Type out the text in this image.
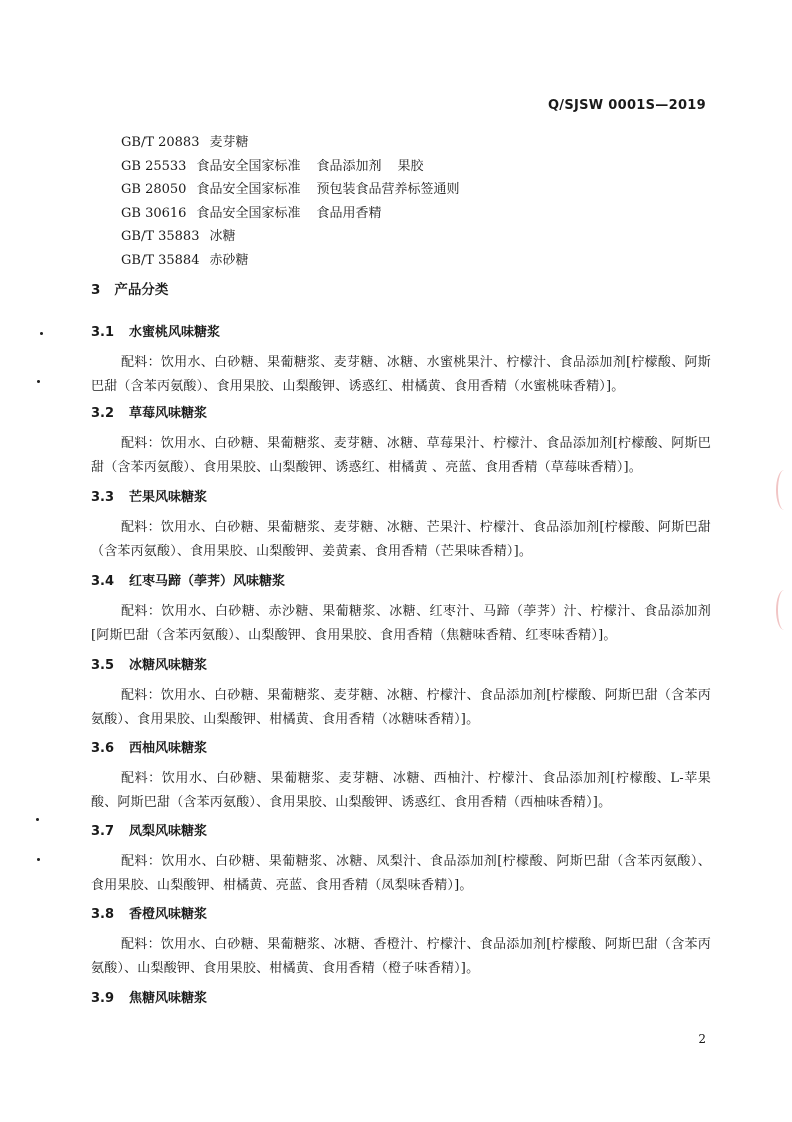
Q/SJSW 0001S—2019
GB/T 20883 麦芽糖
GB 25533 食品安全国家标准 食品添加剂 果胶
GB 28050 食品安全国家标准 预包装食品营养标签通则
GB 30616 食品安全国家标准 食品用香精
GB/T 35883 冰糖
GB/T 35884 赤砂糖
3 产品分类
3.1 水蜜桃风味糖浆
配料：饮用水、白砂糖、果葡糖浆、麦芽糖、冰糖、水蜜桃果汁、柠檬汁、食品添加剂[柠檬酸、阿斯巴甜（含苯丙氨酸）、食用果胶、山梨酸钾、诱惑红、柑橘黄、食用香精（水蜜桃味香精）]。
3.2 草莓风味糖浆
配料：饮用水、白砂糖、果葡糖浆、麦芽糖、冰糖、草莓果汁、柠檬汁、食品添加剂[柠檬酸、阿斯巴甜（含苯丙氨酸）、食用果胶、山梨酸钾、诱惑红、柑橘黄 、亮蓝、食用香精（草莓味香精）]。
3.3 芒果风味糖浆
配料：饮用水、白砂糖、果葡糖浆、麦芽糖、冰糖、芒果汁、柠檬汁、食品添加剂[柠檬酸、阿斯巴甜（含苯丙氨酸）、食用果胶、山梨酸钾、姜黄素、食用香精（芒果味香精）]。
3.4 红枣马蹄（荸荠）风味糖浆
配料：饮用水、白砂糖、赤沙糖、果葡糖浆、冰糖、红枣汁、马蹄（荸荠）汁、柠檬汁、食品添加剂[阿斯巴甜（含苯丙氨酸）、山梨酸钾、食用果胶、食用香精（焦糖味香精、红枣味香精）]。
3.5 冰糖风味糖浆
配料：饮用水、白砂糖、果葡糖浆、麦芽糖、冰糖、柠檬汁、食品添加剂[柠檬酸、阿斯巴甜（含苯丙氨酸）、食用果胶、山梨酸钾、柑橘黄、食用香精（冰糖味香精）]。
3.6 西柚风味糖浆
配料：饮用水、白砂糖、果葡糖浆、麦芽糖、冰糖、西柚汁、柠檬汁、食品添加剂[柠檬酸、L-苹果酸、阿斯巴甜（含苯丙氨酸）、食用果胶、山梨酸钾、诱惑红、食用香精（西柚味香精）]。
3.7 凤梨风味糖浆
配料：饮用水、白砂糖、果葡糖浆、冰糖、凤梨汁、食品添加剂[柠檬酸、阿斯巴甜（含苯丙氨酸）、食用果胶、山梨酸钾、柑橘黄、亮蓝、食用香精（凤梨味香精）]。
3.8 香橙风味糖浆
配料：饮用水、白砂糖、果葡糖浆、冰糖、香橙汁、柠檬汁、食品添加剂[柠檬酸、阿斯巴甜（含苯丙氨酸）、山梨酸钾、食用果胶、柑橘黄、食用香精（橙子味香精）]。
3.9 焦糖风味糖浆
2
